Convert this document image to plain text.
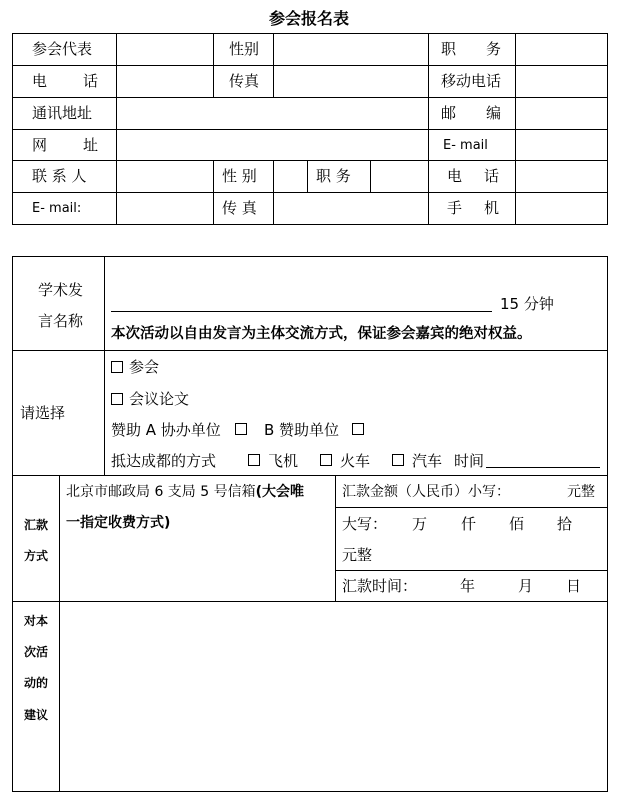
参会报名表
参会代表	性别	职 务
电 话	传真	移动电话
通讯地址	邮 编
网 址	E- mail
联 系 人	性 别	职 务	电 话
E- mail:	传 真	手 机
学术发
言名称
15 分钟
本次活动以自由发言为主体交流方式，保证参会嘉宾的绝对权益。
请选择
参会
会议论文
赞助 A 协办单位	B 赞助单位
抵达成都的方式	飞机	火车	汽车 时间
汇款
方式
北京市邮政局 6 支局 5 号信箱(大会唯
一指定收费方式)
汇款金额（人民币）小写：	元整
大写： 万 仟 佰 拾
元整
汇款时间：	年	月 日
对本
次活
动的
建议
